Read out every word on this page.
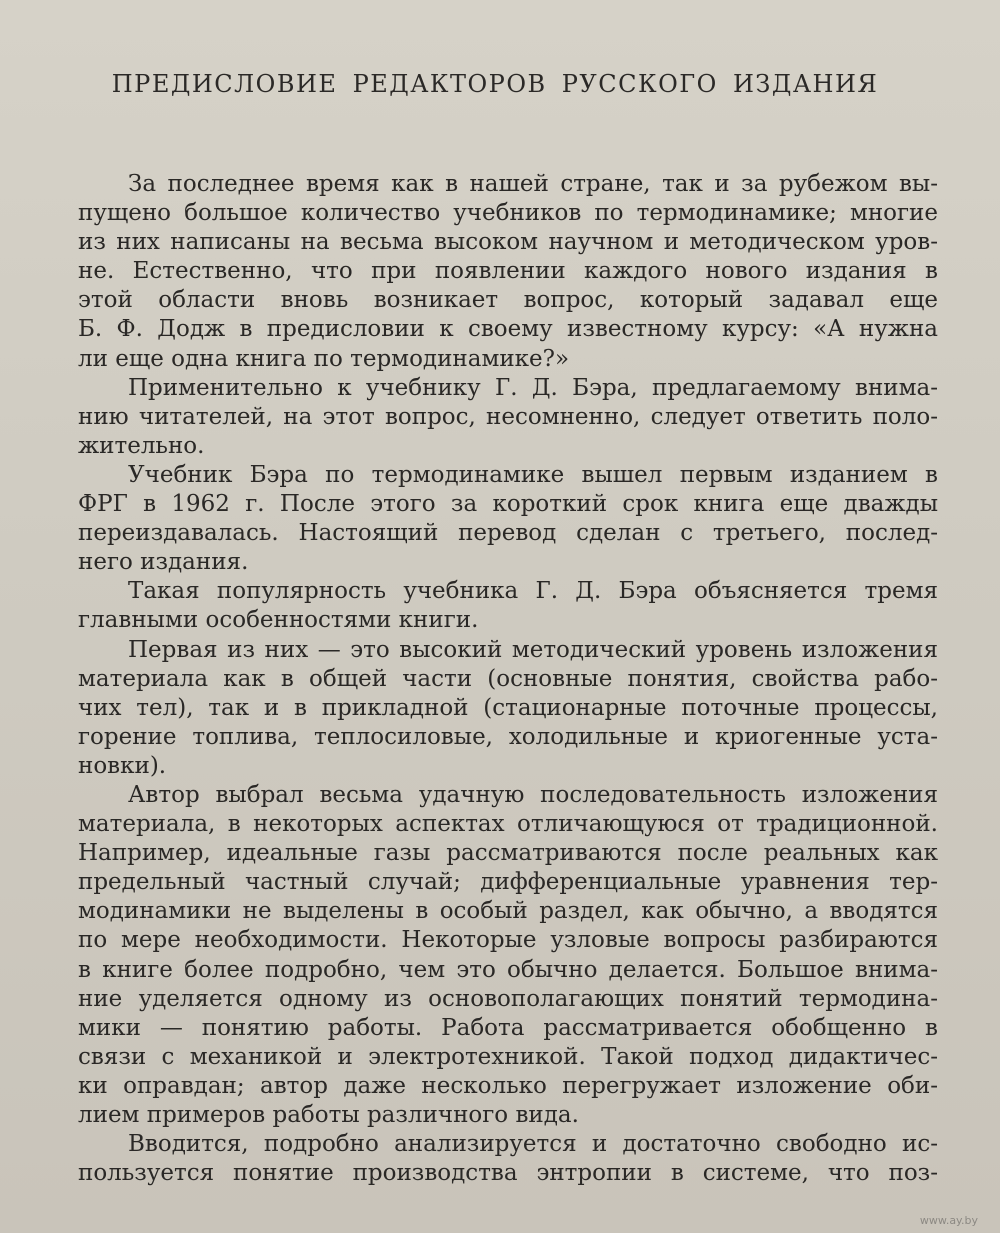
ПРЕДИСЛОВИЕ РЕДАКТОРОВ РУССКОГО ИЗДАНИЯ
За последнее время как в нашей стране, так и за рубежом вы-
пущено большое количество учебников по термодинамике; многие
из них написаны на весьма высоком научном и методическом уров-
не. Естественно, что при появлении каждого нового издания в
этой области вновь возникает вопрос, который задавал еще
Б. Ф. Додж в предисловии к своему известному курсу: «А нужна
ли еще одна книга по термодинамике?»
Применительно к учебнику Г. Д. Бэра, предлагаемому внима-
нию читателей, на этот вопрос, несомненно, следует ответить поло-
жительно.
Учебник Бэра по термодинамике вышел первым изданием в
ФРГ в 1962 г. После этого за короткий срок книга еще дважды
переиздавалась. Настоящий перевод сделан с третьего, послед-
него издания.
Такая популярность учебника Г. Д. Бэра объясняется тремя
главными особенностями книги.
Первая из них — это высокий методический уровень изложения
материала как в общей части (основные понятия, свойства рабо-
чих тел), так и в прикладной (стационарные поточные процессы,
горение топлива, теплосиловые, холодильные и криогенные уста-
новки).
Автор выбрал весьма удачную последовательность изложения
материала, в некоторых аспектах отличающуюся от традиционной.
Например, идеальные газы рассматриваются после реальных как
предельный частный случай; дифференциальные уравнения тер-
модинамики не выделены в особый раздел, как обычно, а вводятся
по мере необходимости. Некоторые узловые вопросы разбираются
в книге более подробно, чем это обычно делается. Большое внима-
ние уделяется одному из основополагающих понятий термодина-
мики — понятию работы. Работа рассматривается обобщенно в
связи с механикой и электротехникой. Такой подход дидактичес-
ки оправдан; автор даже несколько перегружает изложение оби-
лием примеров работы различного вида.
Вводится, подробно анализируется и достаточно свободно ис-
пользуется понятие производства энтропии в системе, что поз-
www.ay.by
